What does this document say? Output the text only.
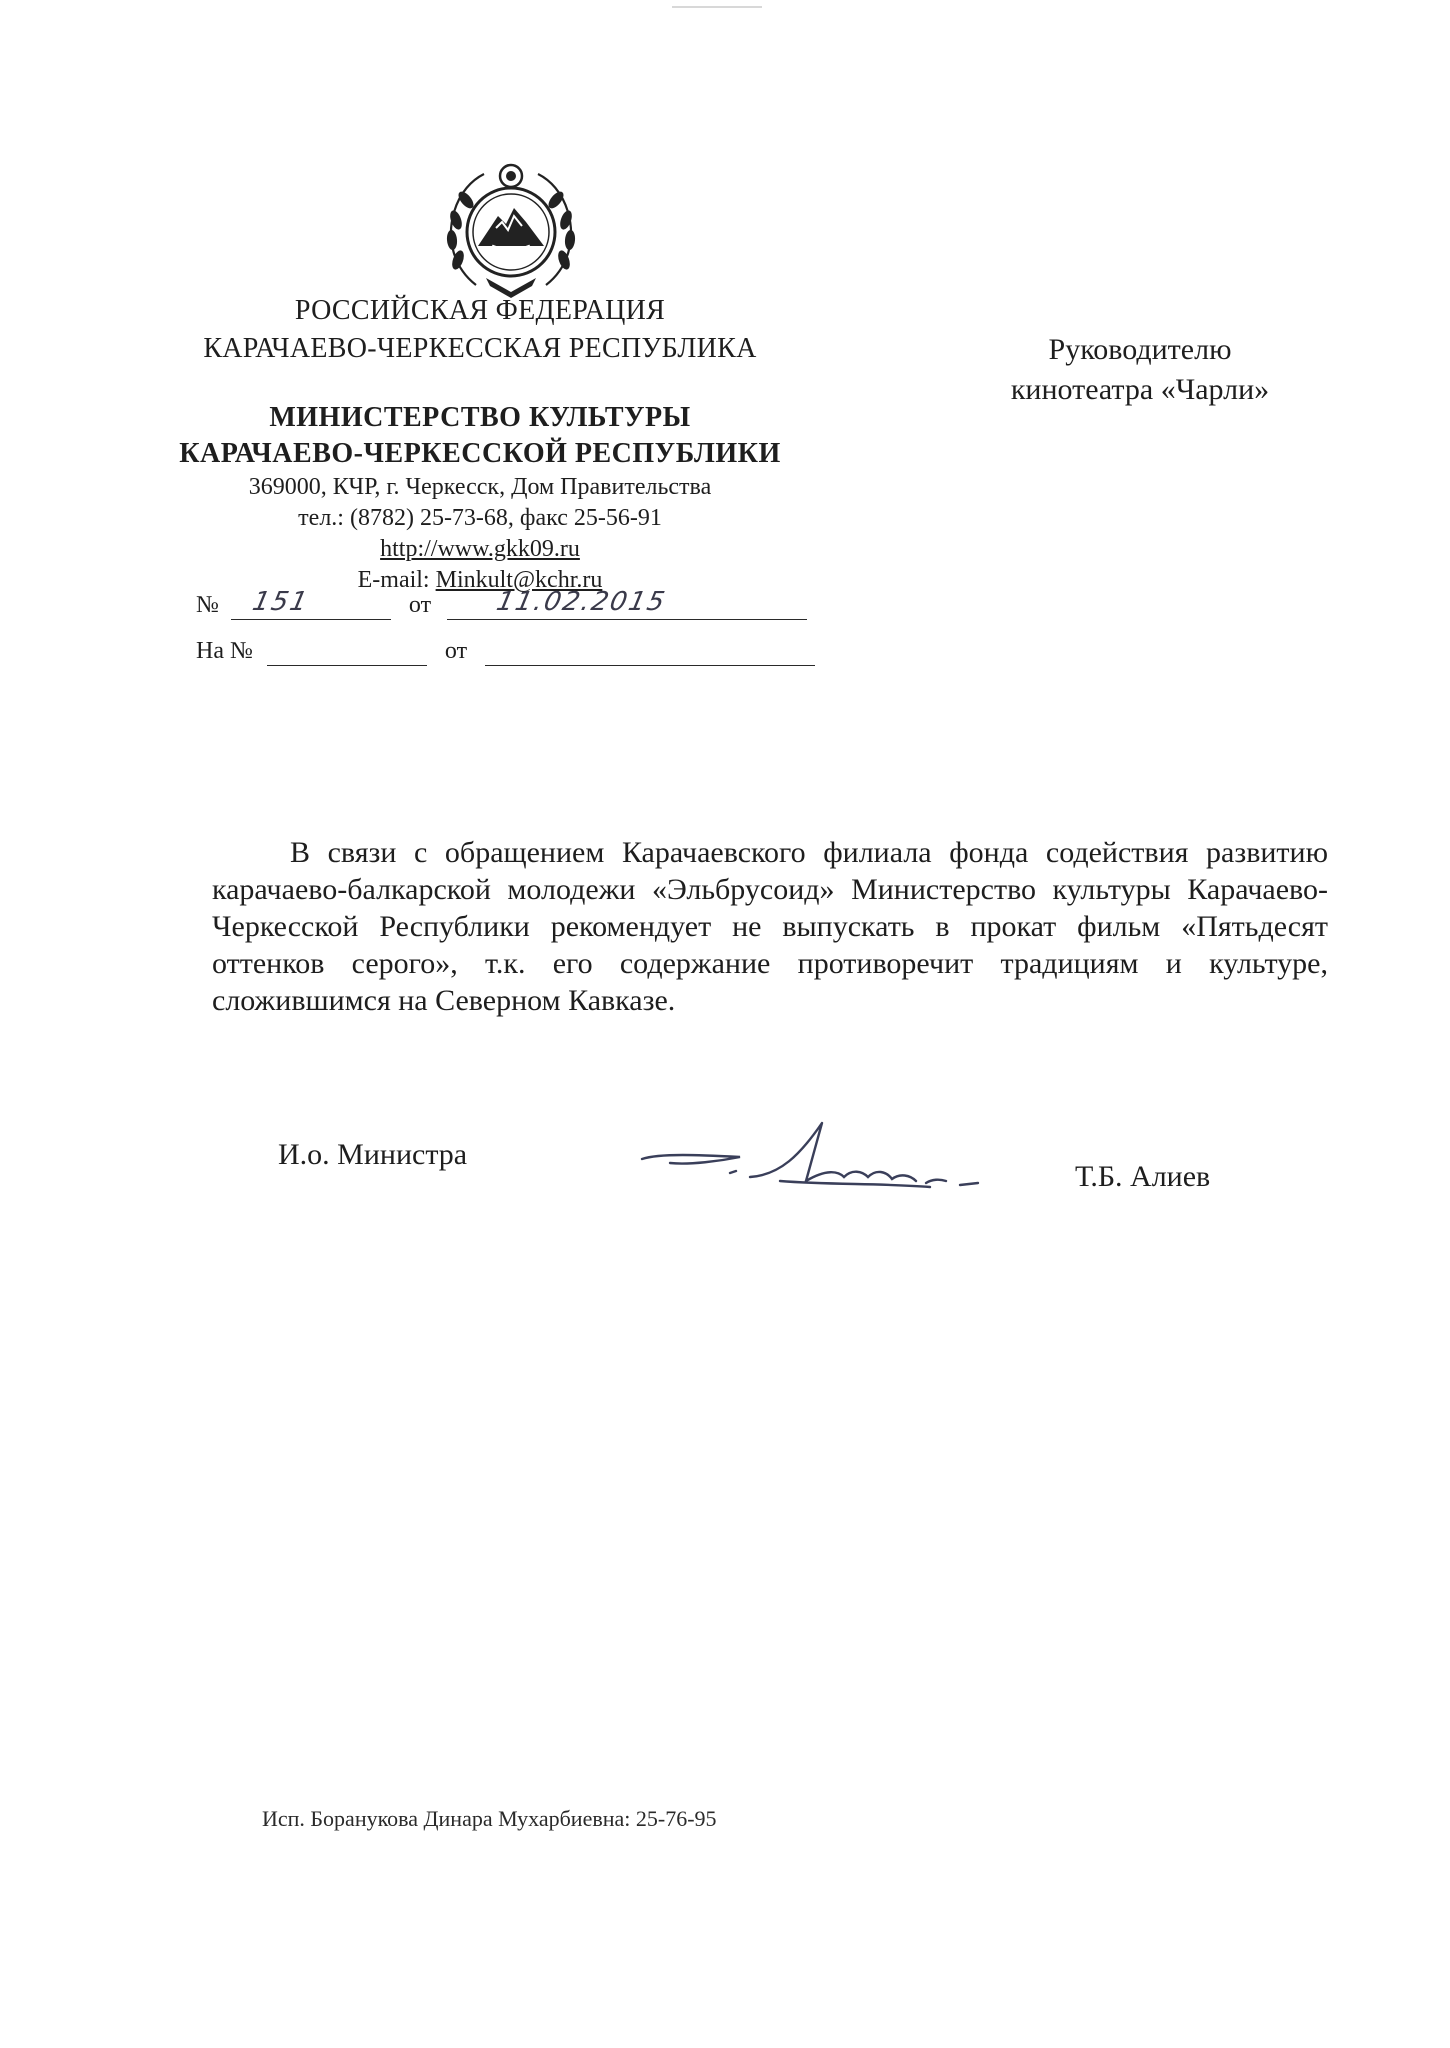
РОССИЙСКАЯ ФЕДЕРАЦИЯ
КАРАЧАЕВО-ЧЕРКЕССКАЯ РЕСПУБЛИКА
МИНИСТЕРСТВО КУЛЬТУРЫ
КАРАЧАЕВО-ЧЕРКЕССКОЙ РЕСПУБЛИКИ
369000, КЧР, г. Черкесск, Дом Правительства
тел.: (8782) 25-73-68, факс 25-56-91
http://www.gkk09.ru
E-mail: Minkult@kchr.ru
№ 151	от 11.02.2015
На №	от
Руководителю
кинотеатра «Чарли»
В связи с обращением Карачаевского филиала фонда содействия развитию карачаево-балкарской молодежи «Эльбрусоид» Министерство культуры Карачаево-Черкесской Республики рекомендует не выпускать в прокат фильм «Пятьдесят оттенков серого», т.к. его содержание противоречит традициям и культуре, сложившимся на Северном Кавказе.
И.о. Министра
Т.Б. Алиев
Исп. Боранукова Динара Мухарбиевна: 25-76-95
